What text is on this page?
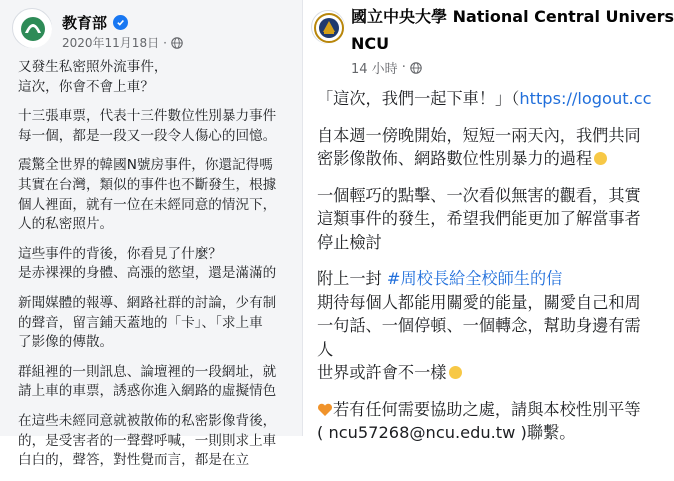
教育部
2020年11月18日 ·
又發生私密照外流事件，
這次，你會不會上車？
十三張車票，代表十三件數位性別暴力事件
每一個，都是一段又一段令人傷心的回憶。
震驚全世界的韓國N號房事件，你還記得嗎
其實在台灣，類似的事件也不斷發生，根據
個人裡面，就有一位在未經同意的情況下，
人的私密照片。
這些事件的背後，你看見了什麼？
是赤裸裸的身體、高漲的慾望，還是滿滿的
新聞媒體的報導、網路社群的討論，少有制
的聲音，留言鋪天蓋地的「卡」、「求上車
了影像的傳散。
群組裡的一則訊息、論壇裡的一段網址，就
請上車的車票，誘惑你進入網路的虛擬情色
在這些未經同意就被散佈的私密影像背後，
的，是受害者的一聲聲呼喊，一則則求上車
白白的，聲答，對性覺而言，都是在立
國立中央大學 National Central Univers
NCU
14 小時 ·
「這次，我們一起下車！」（https://logout.cc
自本週一傍晚開始，短短一兩天內，我們共同
密影像散佈、網路數位性別暴力的過程
一個輕巧的點擊、一次看似無害的觀看，其實
這類事件的發生，希望我們能更加了解當事者
停止檢討
附上一封 #周校長給全校師生的信
期待每個人都能用關愛的能量，關愛自己和周
一句話、一個停頓、一個轉念，幫助身邊有需
人
世界或許會不一樣
若有任何需要協助之處，請與本校性別平等
( ncu57268@ncu.edu.tw )聯繫。
